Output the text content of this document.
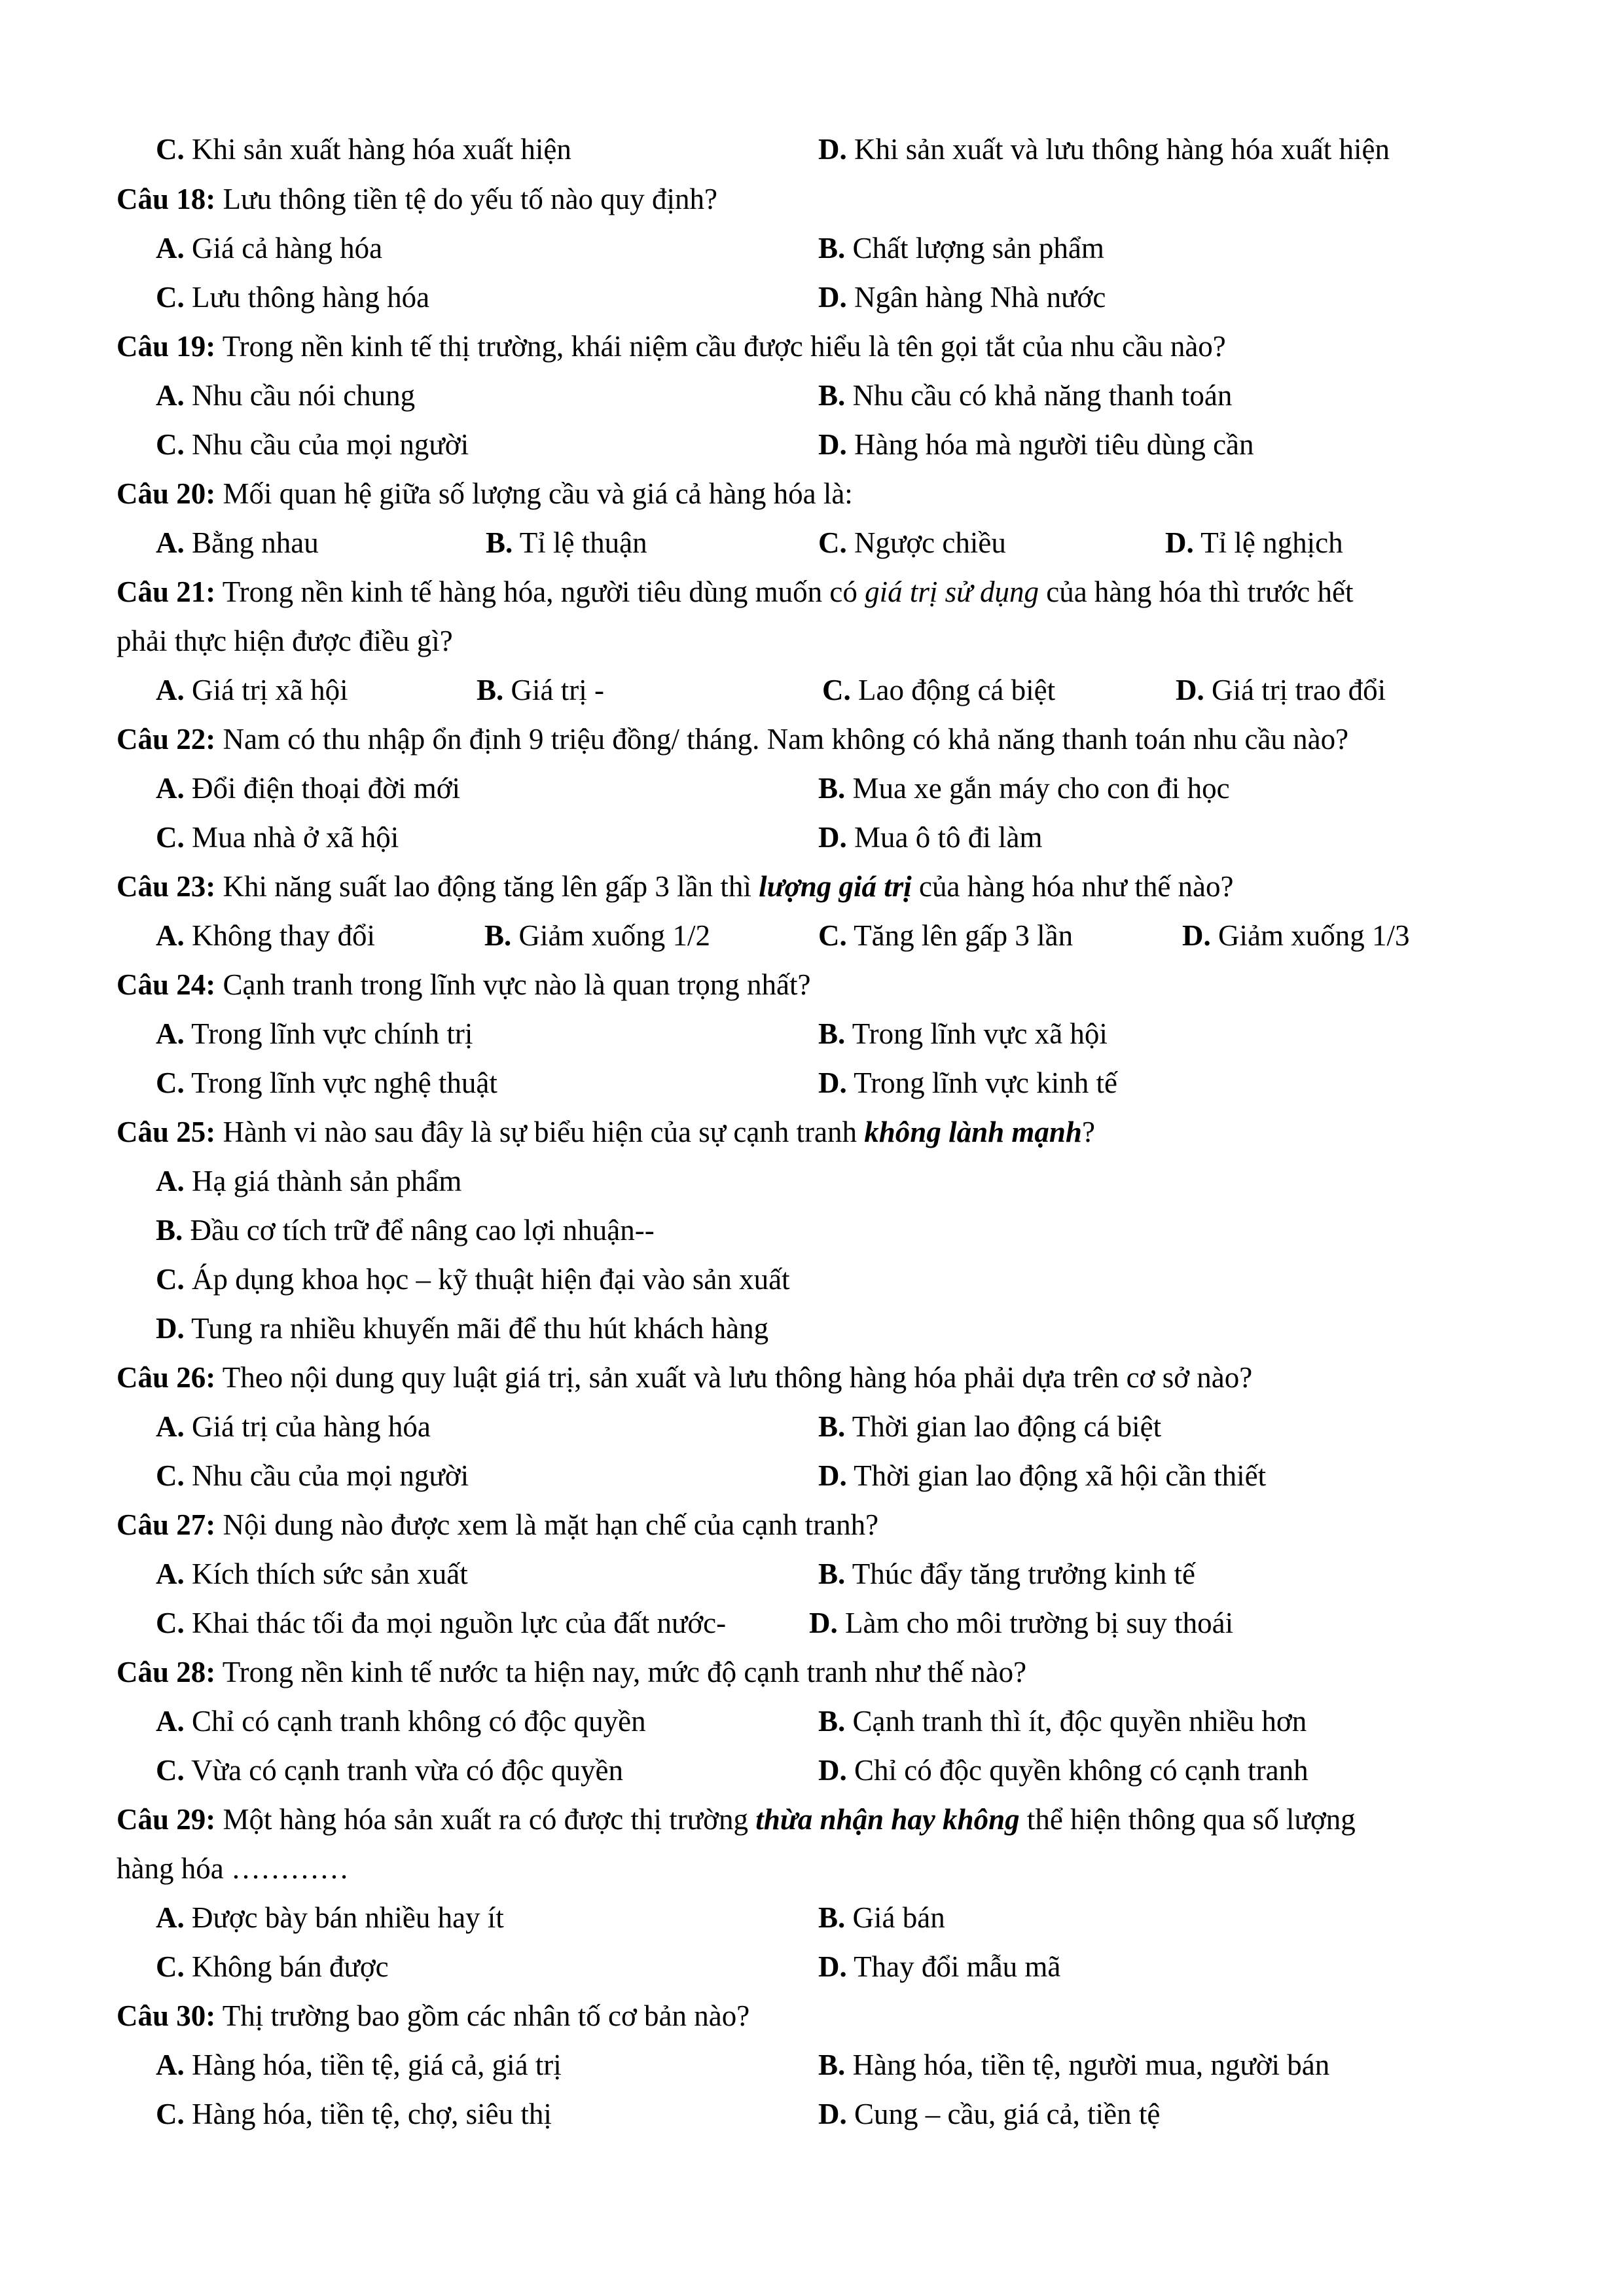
C. Khi sản xuất hàng hóa xuất hiện	D. Khi sản xuất và lưu thông hàng hóa xuất hiện
Câu 18: Lưu thông tiền tệ do yếu tố nào quy định?
A. Giá cả hàng hóa	B. Chất lượng sản phẩm
C. Lưu thông hàng hóa	D. Ngân hàng Nhà nước
Câu 19: Trong nền kinh tế thị trường, khái niệm cầu được hiểu là tên gọi tắt của nhu cầu nào?
A. Nhu cầu nói chung	B. Nhu cầu có khả năng thanh toán
C. Nhu cầu của mọi người	D. Hàng hóa mà người tiêu dùng cần
Câu 20: Mối quan hệ giữa số lượng cầu và giá cả hàng hóa là:
A. Bằng nhau	B. Tỉ lệ thuận	C. Ngược chiều	D. Tỉ lệ nghịch
Câu 21: Trong nền kinh tế hàng hóa, người tiêu dùng muốn có giá trị sử dụng của hàng hóa thì trước hết
phải thực hiện được điều gì?
A. Giá trị xã hội	B. Giá trị -	C. Lao động cá biệt	D. Giá trị trao đổi
Câu 22: Nam có thu nhập ổn định 9 triệu đồng/ tháng. Nam không có khả năng thanh toán nhu cầu nào?
A. Đổi điện thoại đời mới	B. Mua xe gắn máy cho con đi học
C. Mua nhà ở xã hội	D. Mua ô tô đi làm
Câu 23: Khi năng suất lao động tăng lên gấp 3 lần thì lượng giá trị của hàng hóa như thế nào?
A. Không thay đổi	B. Giảm xuống 1/2	C. Tăng lên gấp 3 lần	D. Giảm xuống 1/3
Câu 24: Cạnh tranh trong lĩnh vực nào là quan trọng nhất?
A. Trong lĩnh vực chính trị	B. Trong lĩnh vực xã hội
C. Trong lĩnh vực nghệ thuật	D. Trong lĩnh vực kinh tế
Câu 25: Hành vi nào sau đây là sự biểu hiện của sự cạnh tranh không lành mạnh?
A. Hạ giá thành sản phẩm
B. Đầu cơ tích trữ để nâng cao lợi nhuận--
C. Áp dụng khoa học – kỹ thuật hiện đại vào sản xuất
D. Tung ra nhiều khuyến mãi để thu hút khách hàng
Câu 26: Theo nội dung quy luật giá trị, sản xuất và lưu thông hàng hóa phải dựa trên cơ sở nào?
A. Giá trị của hàng hóa	B. Thời gian lao động cá biệt
C. Nhu cầu của mọi người	D. Thời gian lao động xã hội cần thiết
Câu 27: Nội dung nào được xem là mặt hạn chế của cạnh tranh?
A. Kích thích sức sản xuất	B. Thúc đẩy tăng trưởng kinh tế
C. Khai thác tối đa mọi nguồn lực của đất nước-	D. Làm cho môi trường bị suy thoái
Câu 28: Trong nền kinh tế nước ta hiện nay, mức độ cạnh tranh như thế nào?
A. Chỉ có cạnh tranh không có độc quyền	B. Cạnh tranh thì ít, độc quyền nhiều hơn
C. Vừa có cạnh tranh vừa có độc quyền	D. Chỉ có độc quyền không có cạnh tranh
Câu 29: Một hàng hóa sản xuất ra có được thị trường thừa nhận hay không thể hiện thông qua số lượng
hàng hóa …………
A. Được bày bán nhiều hay ít	B. Giá bán
C. Không bán được	D. Thay đổi mẫu mã
Câu 30: Thị trường bao gồm các nhân tố cơ bản nào?
A. Hàng hóa, tiền tệ, giá cả, giá trị	B. Hàng hóa, tiền tệ, người mua, người bán
C. Hàng hóa, tiền tệ, chợ, siêu thị	D. Cung – cầu, giá cả, tiền tệ
